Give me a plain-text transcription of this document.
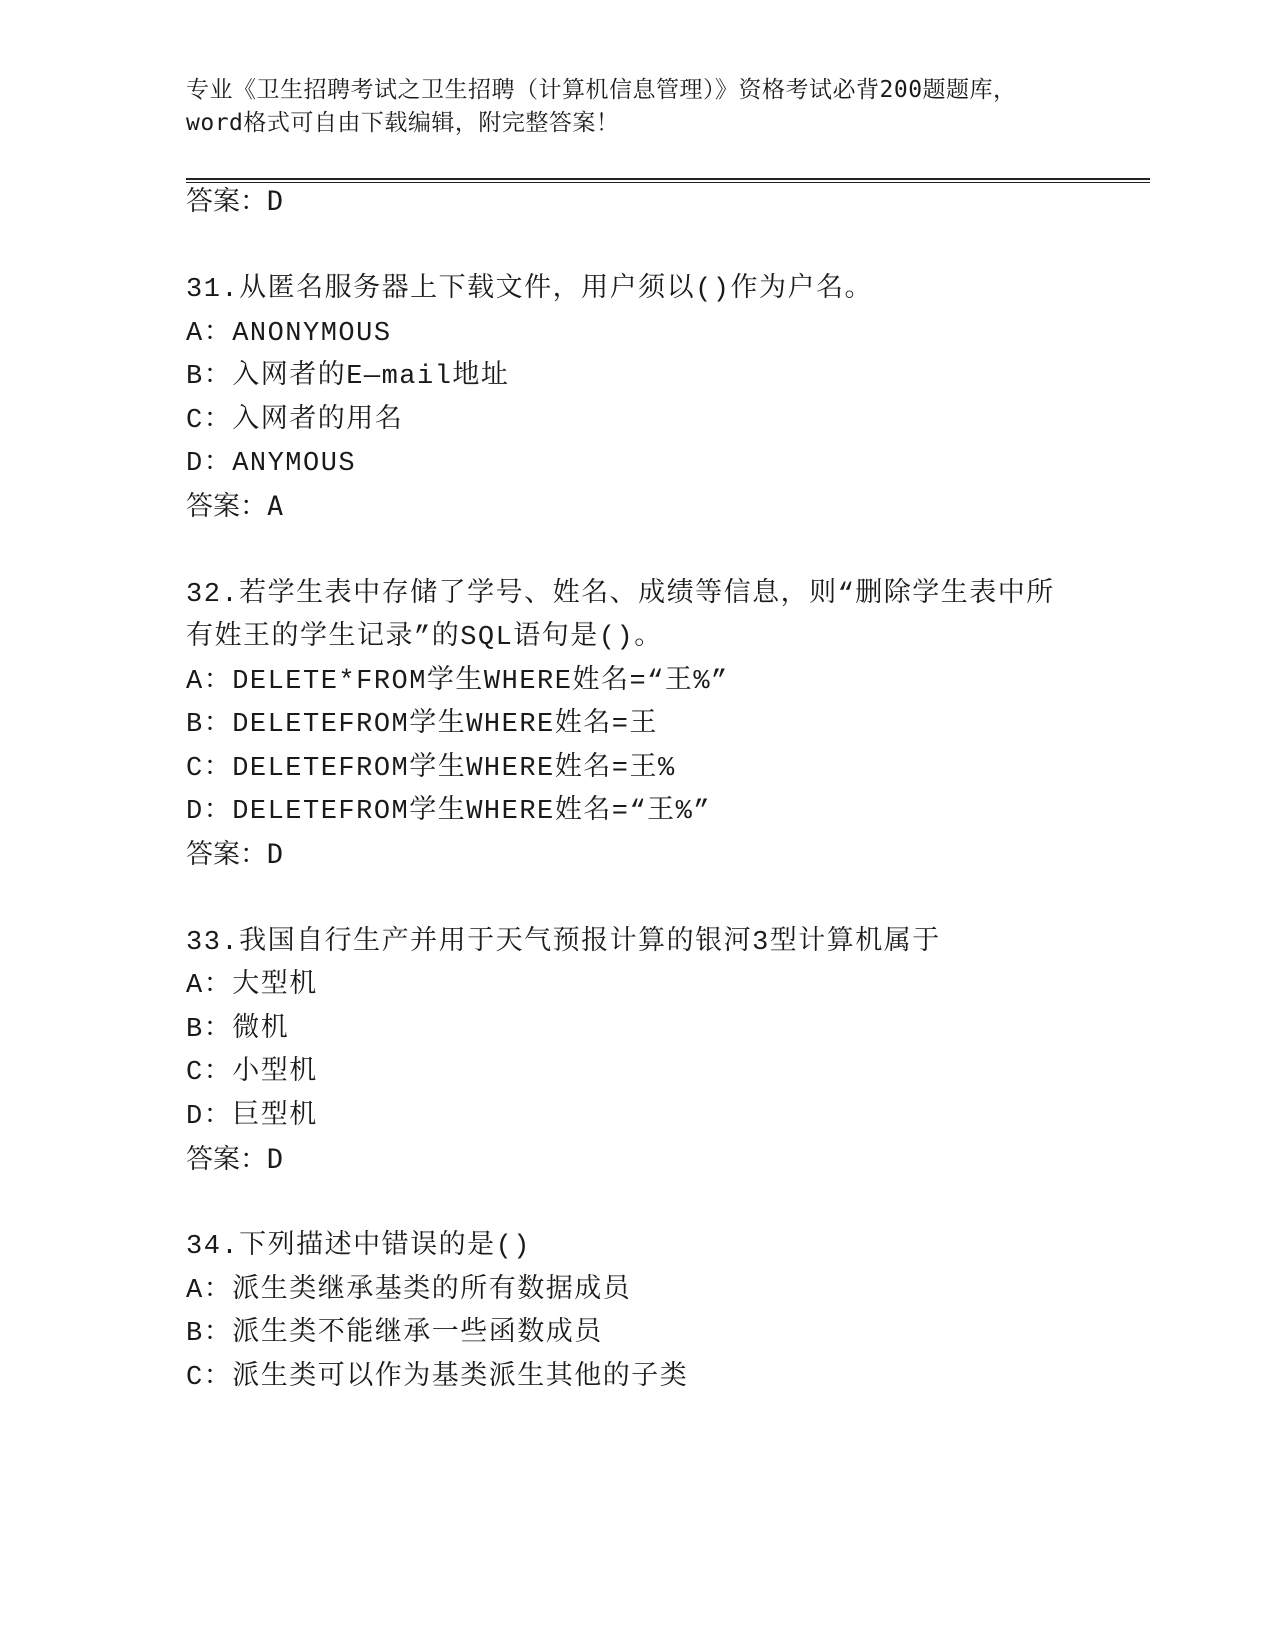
专业《卫生招聘考试之卫生招聘（计算机信息管理）》资格考试必背200题题库，
word格式可自由下载编辑，附完整答案！
答案：D
31.从匿名服务器上下载文件，用户须以()作为户名。
A：ANONYMOUS
B：入网者的E—mail地址
C：入网者的用名
D：ANYMOUS
答案：A
32.若学生表中存储了学号、姓名、成绩等信息，则“删除学生表中所
有姓王的学生记录”的SQL语句是()。
A：DELETE*FROM学生WHERE姓名=“王%”
B：DELETEFROM学生WHERE姓名=王
C：DELETEFROM学生WHERE姓名=王%
D：DELETEFROM学生WHERE姓名=“王%”
答案：D
33.我国自行生产并用于天气预报计算的银河3型计算机属于
A：大型机
B：微机
C：小型机
D：巨型机
答案：D
34.下列描述中错误的是()
A：派生类继承基类的所有数据成员
B：派生类不能继承一些函数成员
C：派生类可以作为基类派生其他的子类
